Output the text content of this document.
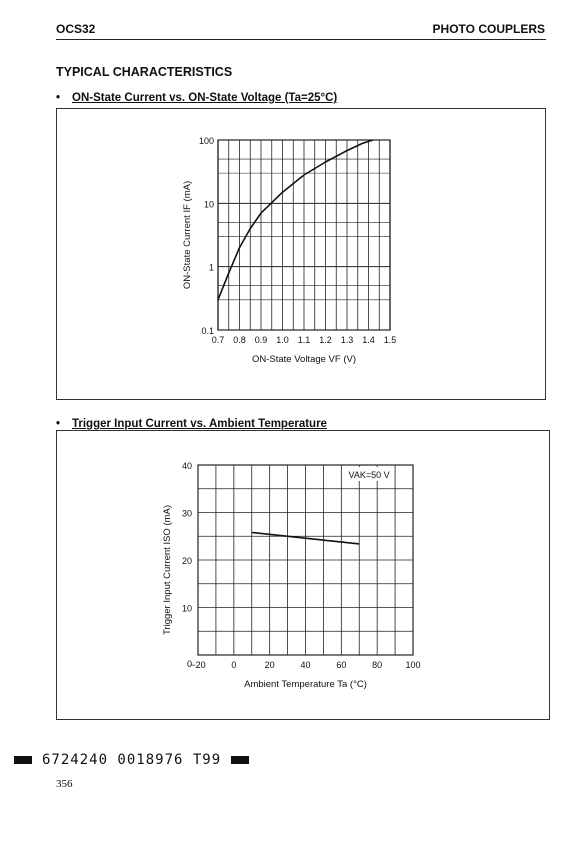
OCS32	PHOTO COUPLERS
TYPICAL CHARACTERISTICS
• ON-State Current vs. ON-State Voltage (Ta=25°C)
0.1
1
10
100
0.7 0.8 0.9 1.0 1.1 1.2 1.3 1.4 1.5
ON-State Voltage VF (V)
ON-State Current IF (mA)
• Trigger Input Current vs. Ambient Temperature
VAK=50 V
0
10
20
30
40
−20	0	20	40	60	80	100
Ambient Temperature Ta (°C)
Trigger Input Current ISO (mA)
6724240 0018976 T99
356
